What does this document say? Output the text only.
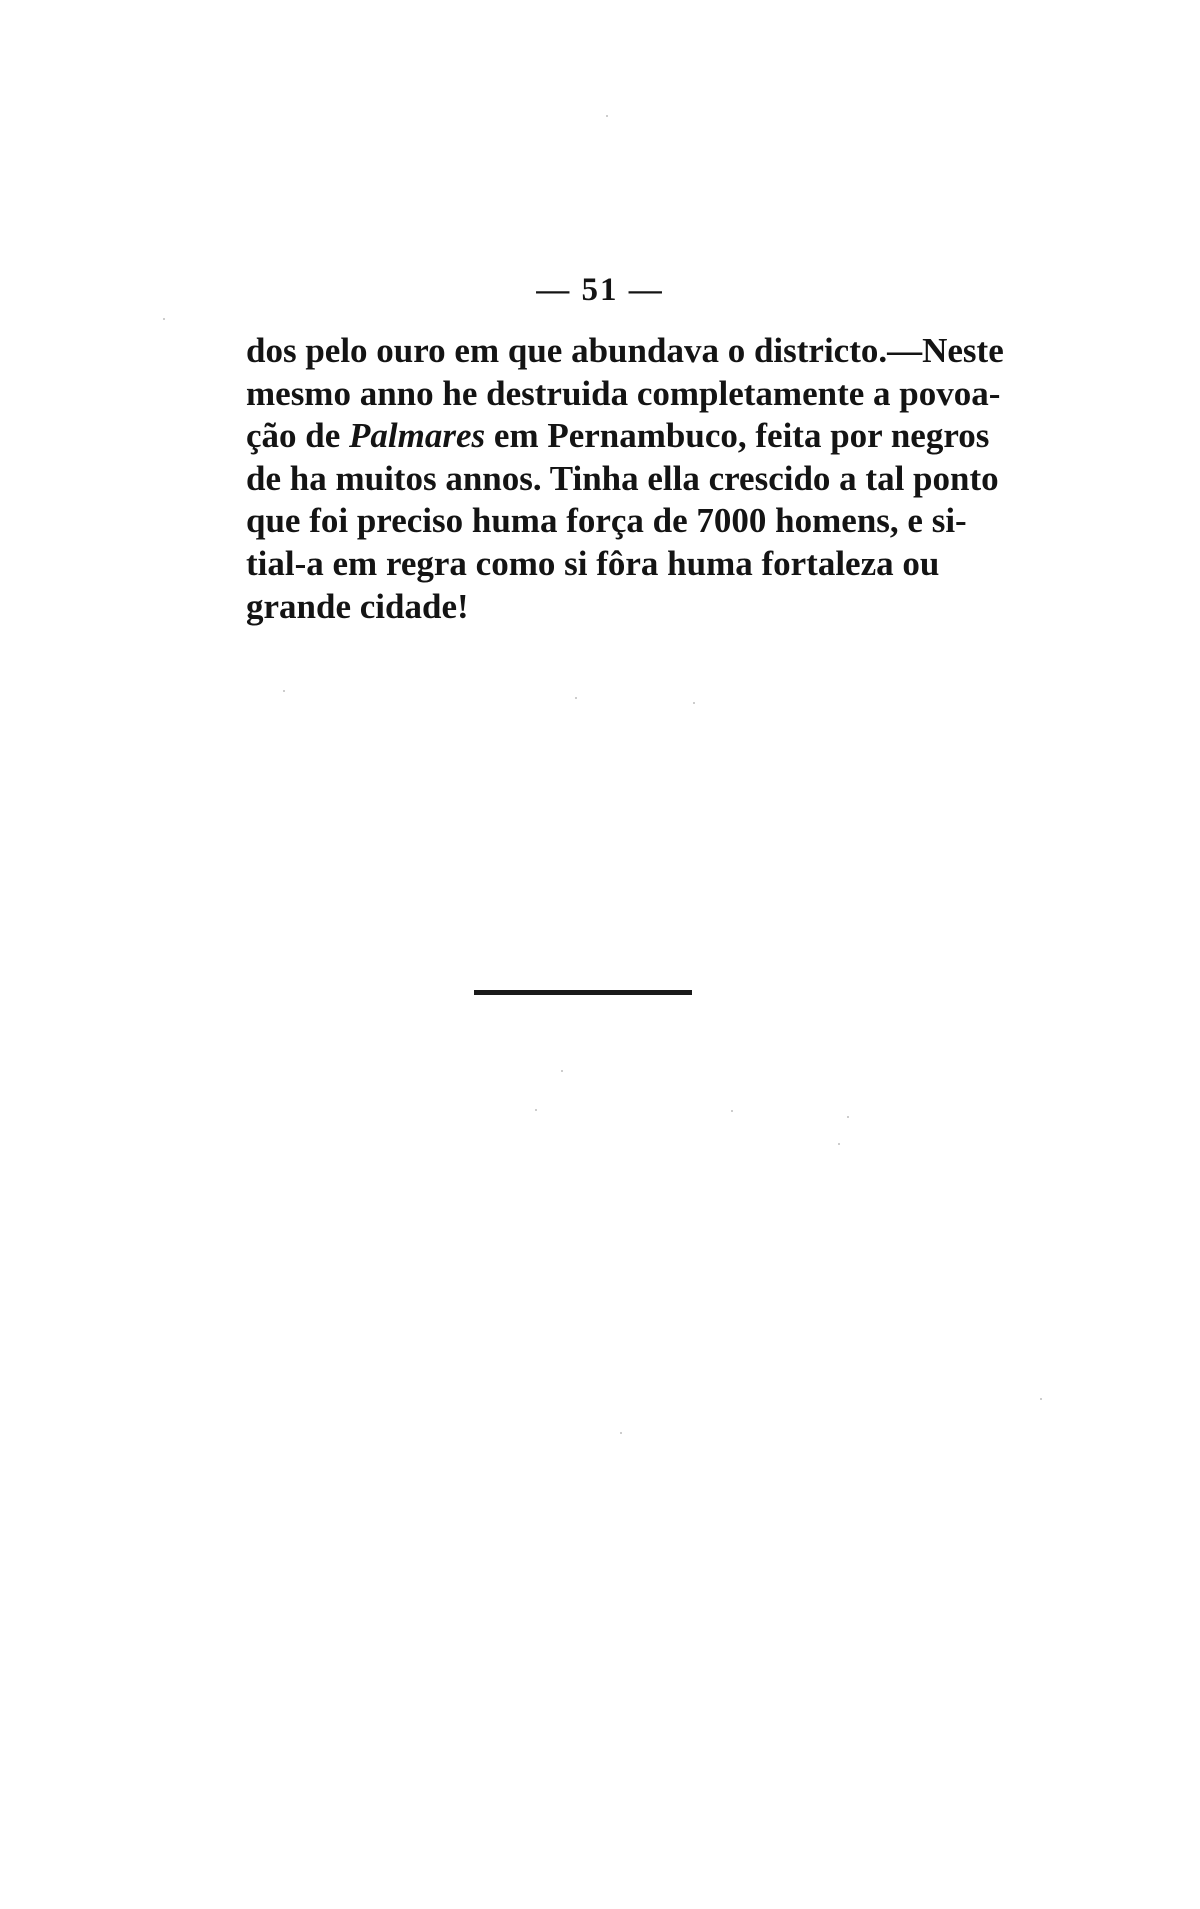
— 51 —
dos pelo ouro em que abundava o districto.—Neste
mesmo anno he destruida completamente a povoa-
ção de Palmares em Pernambuco, feita por negros
de ha muitos annos. Tinha ella crescido a tal ponto
que foi preciso huma força de 7000 homens, e si-
tial-a em regra como si fôra huma fortaleza ou
grande cidade!
